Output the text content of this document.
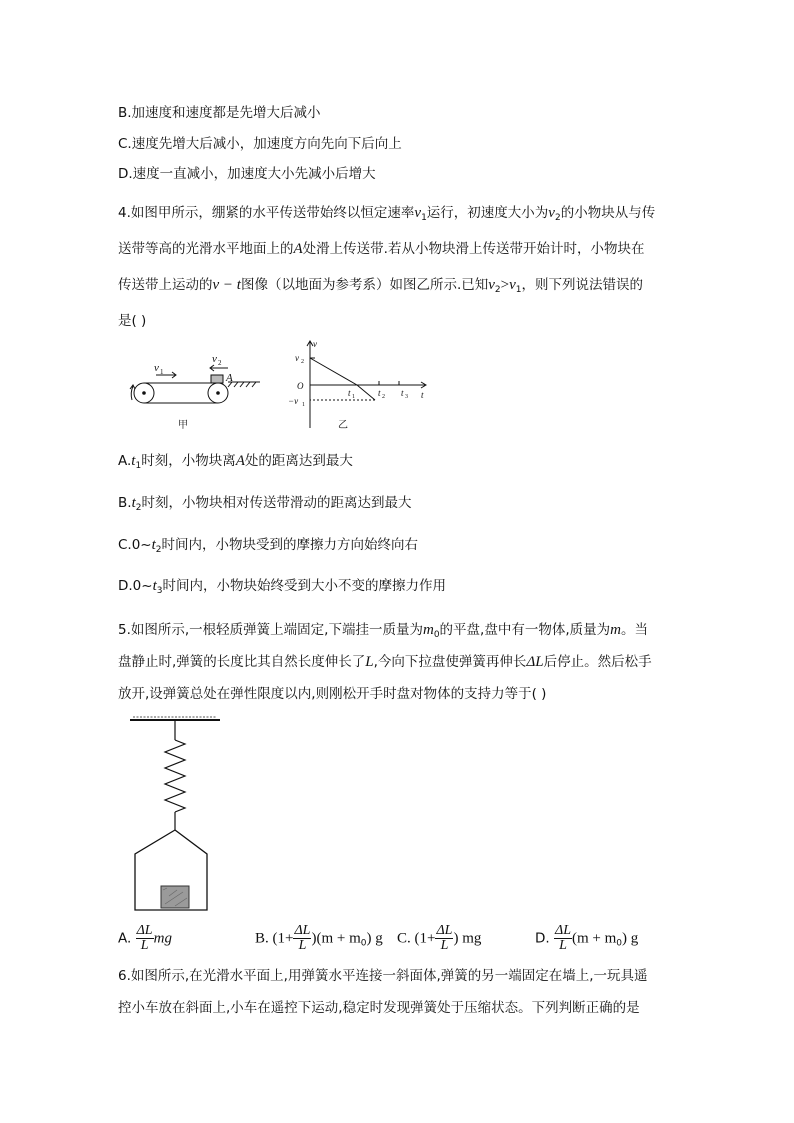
B.加速度和速度都是先增大后减小
C.速度先增大后减小，加速度方向先向下后向上
D.速度一直减小，加速度大小先减小后增大
4.如图甲所示，绷紧的水平传送带始终以恒定速率$v_1$运行，初速度大小为$v_2$的小物块从与传
送带等高的光滑水平地面上的A处滑上传送带.若从小物块滑上传送带开始计时，小物块在
传送带上运动的v − t图像（以地面为参考系）如图乙所示.已知$v_2>v_1$，则下列说法错误的
是( )
v 1
v 2
A
甲
v
t
O
v 2
−v 1
t 1	t 2 t 3
乙
$A.t_1$时刻，小物块离A处的距离达到最大
$B.t_2$时刻，小物块相对传送带滑动的距离达到最大
$C.0\sim t_2$时间内，小物块受到的摩擦力方向始终向右
$D.0\sim t_3$时间内，小物块始终受到大小不变的摩擦力作用
5.如图所示,一根轻质弹簧上端固定,下端挂一质量为$m_0$的平盘,盘中有一物体,质量为m。当
盘静止时,弹簧的长度比其自然长度伸长了L,今向下拉盘使弹簧再伸长ΔL后停止。然后松手
放开,设弹簧总处在弹性限度以内,则刚松开手时盘对物体的支持力等于( )
A. $\frac{\Delta L}{L}$ mg	B. $(1+ \frac{\Delta L}{L} )(m + m_0)$ g C. ($1+ \frac{\Delta L}{L}$ ) mg	D. $\frac{\Delta L}{L} (m + m_0)$ g
6.如图所示,在光滑水平面上,用弹簧水平连接一斜面体,弹簧的另一端固定在墙上,一玩具遥
控小车放在斜面上,小车在遥控下运动,稳定时发现弹簧处于压缩状态。下列判断正确的是
